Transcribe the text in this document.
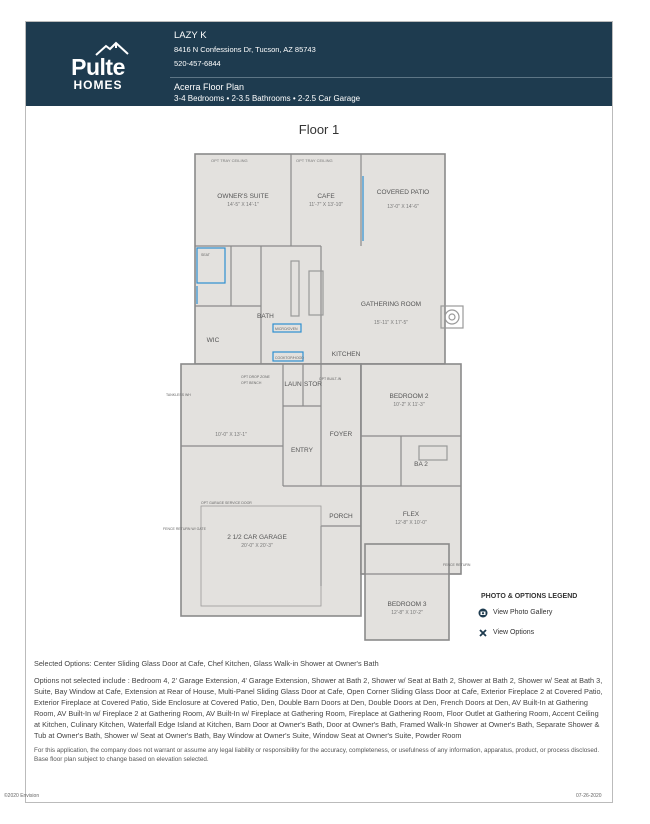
Pulte
HOMES
LAZY K
8416 N Confessions Dr, Tucson, AZ 85743
520-457-6844
Acerra Floor Plan
3-4 Bedrooms • 2-3.5 Bathrooms • 2-2.5 Car Garage
Floor 1
OPT TRAY CEILING	OPT TRAY CEILING
OWNER'S SUITE
14'-5" X 14'-1"
CAFE
11'-7" X 13'-10"
COVERED PATIO
13'-0" X 14'-6"
BATH
GATHERING ROOM
15'-11" X 17'-5"
KITCHEN
WIC
BEDROOM 2
10'-2" X 11'-3"
LAUN STOR
FOYER
ENTRY
BA 2
10'-0" X 13'-1"
FLEX
12'-8" X 10'-0"
PORCH
2 1/2 CAR GARAGE
20'-0" X 20'-3"
BEDROOM 3
12'-8" X 10'-2"
SEAT
MICRO/OVEN
COOKTOP/HOOD
TANKLESS WH
OPT GARAGE SERVICE DOOR
FENCE RETURN W/ GATE
FENCE RETURN
OPT BUILT-IN
OPT DROP ZONE
OPT BENCH
PHOTO & OPTIONS LEGEND
View Photo Gallery
View Options

Selected Options: Center Sliding Glass Door at Cafe, Chef Kitchen, Glass Walk-in Shower at Owner's Bath

Options not selected include : Bedroom 4, 2' Garage Extension, 4' Garage Extension, Shower at Bath 2, Shower w/ Seat at Bath 2, Shower at Bath 2, Shower w/ Seat at Bath 3, Suite, Bay Window at Cafe, Extension at Rear of House, Multi-Panel Sliding Glass Door at Cafe, Open Corner Sliding Glass Door at Cafe, Exterior Fireplace 2 at Covered Patio, Exterior Fireplace at Covered Patio, Side Enclosure at Covered Patio, Den, Double Barn Doors at Den, Double Doors at Den, French Doors at Den, AV Built-In at Gathering Room, AV Built-In w/ Fireplace 2 at Gathering Room, AV Built-In w/ Fireplace at Gathering Room, Fireplace at Gathering Room, Floor Outlet at Gathering Room, Accent Ceiling at Kitchen, Culinary Kitchen, Waterfall Edge Island at Kitchen, Barn Door at Owner's Bath, Door at Owner's Bath, Framed Walk-In Shower at Owner's Bath, Separate Shower & Tub at Owner's Bath, Shower w/ Seat at Owner's Bath, Bay Window at Owner's Suite, Window Seat at Owner's Suite, Powder Room

For this application, the company does not warrant or assume any legal liability or responsibility for the accuracy, completeness, or usefulness of any information, apparatus, product, or process disclosed. Base floor plan subject to change based on elevation selected.

©2020 Envision	07-26-2020
